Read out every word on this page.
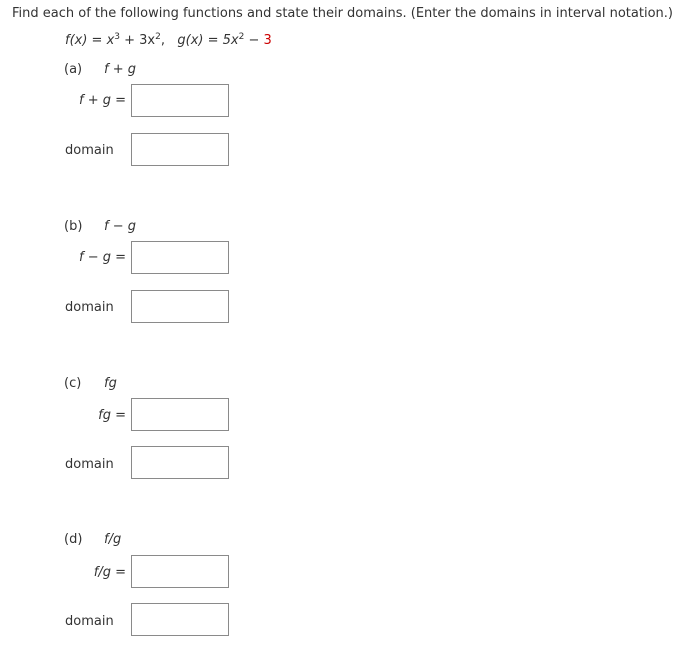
Find each of the following functions and state their domains. (Enter the domains in interval notation.)
$f(x) = x^3 + 3x^2$,   $g(x) = 5x^2 - 3$
(a) f + g
f + g =
domain
(b) f − g
f − g =
domain
(c) fg
fg =
domain
(d) f/g
f/g =
domain
